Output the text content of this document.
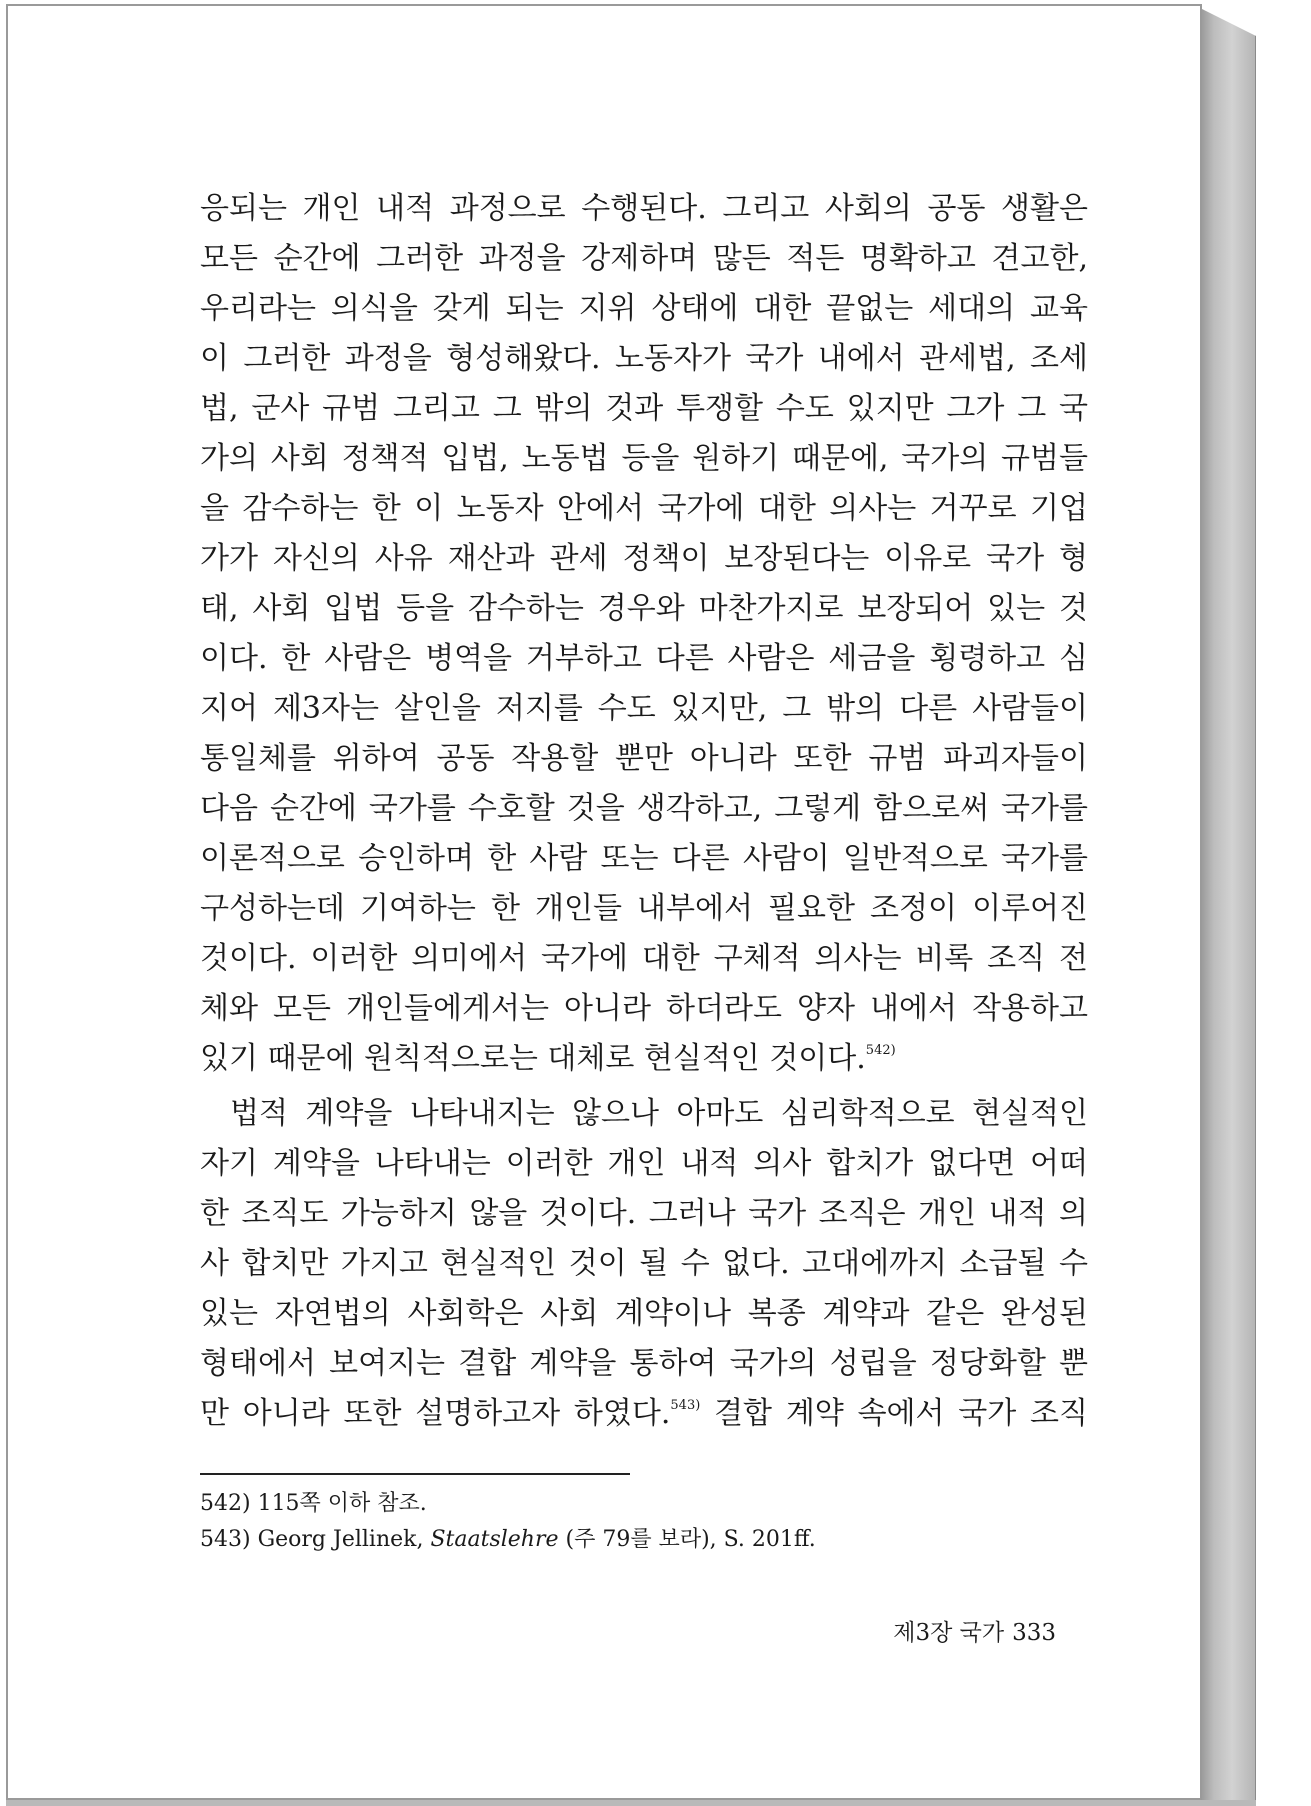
응되는 개인 내적 과정으로 수행된다. 그리고 사회의 공동 생활은
모든 순간에 그러한 과정을 강제하며 많든 적든 명확하고 견고한,
우리라는 의식을 갖게 되는 지위 상태에 대한 끝없는 세대의 교육
이 그러한 과정을 형성해왔다. 노동자가 국가 내에서 관세법, 조세
법, 군사 규범 그리고 그 밖의 것과 투쟁할 수도 있지만 그가 그 국
가의 사회 정책적 입법, 노동법 등을 원하기 때문에, 국가의 규범들
을 감수하는 한 이 노동자 안에서 국가에 대한 의사는 거꾸로 기업
가가 자신의 사유 재산과 관세 정책이 보장된다는 이유로 국가 형
태, 사회 입법 등을 감수하는 경우와 마찬가지로 보장되어 있는 것
이다. 한 사람은 병역을 거부하고 다른 사람은 세금을 횡령하고 심
지어 제3자는 살인을 저지를 수도 있지만, 그 밖의 다른 사람들이
통일체를 위하여 공동 작용할 뿐만 아니라 또한 규범 파괴자들이
다음 순간에 국가를 수호할 것을 생각하고, 그렇게 함으로써 국가를
이론적으로 승인하며 한 사람 또는 다른 사람이 일반적으로 국가를
구성하는데 기여하는 한 개인들 내부에서 필요한 조정이 이루어진
것이다. 이러한 의미에서 국가에 대한 구체적 의사는 비록 조직 전
체와 모든 개인들에게서는 아니라 하더라도 양자 내에서 작용하고
있기 때문에 원칙적으로는 대체로 현실적인 것이다.$^{542)}$
법적 계약을 나타내지는 않으나 아마도 심리학적으로 현실적인
자기 계약을 나타내는 이러한 개인 내적 의사 합치가 없다면 어떠
한 조직도 가능하지 않을 것이다. 그러나 국가 조직은 개인 내적 의
사 합치만 가지고 현실적인 것이 될 수 없다. 고대에까지 소급될 수
있는 자연법의 사회학은 사회 계약이나 복종 계약과 같은 완성된
형태에서 보여지는 결합 계약을 통하여 국가의 성립을 정당화할 뿐
만 아니라 또한 설명하고자 하였다.$^{543)}$ 결합 계약 속에서 국가 조직
542) 115쪽 이하 참조.
543) Georg Jellinek, Staatslehre (주 79를 보라), S. 201ff.
제3장 국가 333
